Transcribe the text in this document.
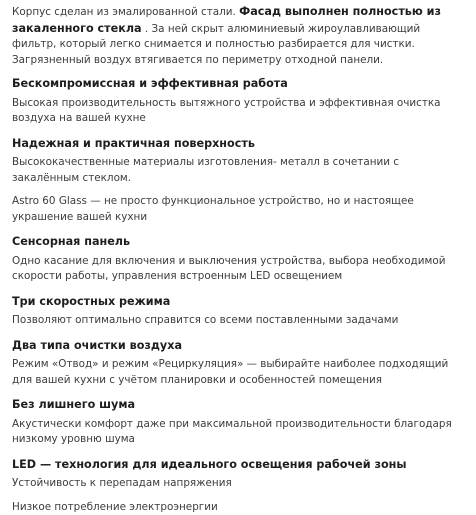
Корпус сделан из эмалированной стали. Фасад выполнен полностью из закаленного стекла . За ней скрыт алюминиевый жироулавливающий фильтр, который легко снимается и полностью разбирается для чистки. Загрязненный воздух втягивается по периметру отходной панели.

Бескомпромиссная и эффективная работа

Высокая производительность вытяжного устройства и эффективная очистка воздуха на вашей кухне

Надежная и практичная поверхность

Высококачественные материалы изготовления- металл в сочетании с закалённым стеклом.

Astro 60 Glass — не просто функциональное устройство, но и настоящее украшение вашей кухни

Сенсорная панель

Одно касание для включения и выключения устройства, выбора необходимой скорости работы, управления встроенным LED освещением

Три скоростных режима

Позволяют оптимально справится со всеми поставленными задачами

Два типа очистки воздуха

Режим «Отвод» и режим «Рециркуляция» — выбирайте наиболее подходящий для вашей кухни с учётом планировки и особенностей помещения

Без лишнего шума

Акустически комфорт даже при максимальной производительности благодаря низкому уровню шума

LED — технология для идеального освещения рабочей зоны

Устойчивость к перепадам напряжения

Низкое потребление электроэнергии
